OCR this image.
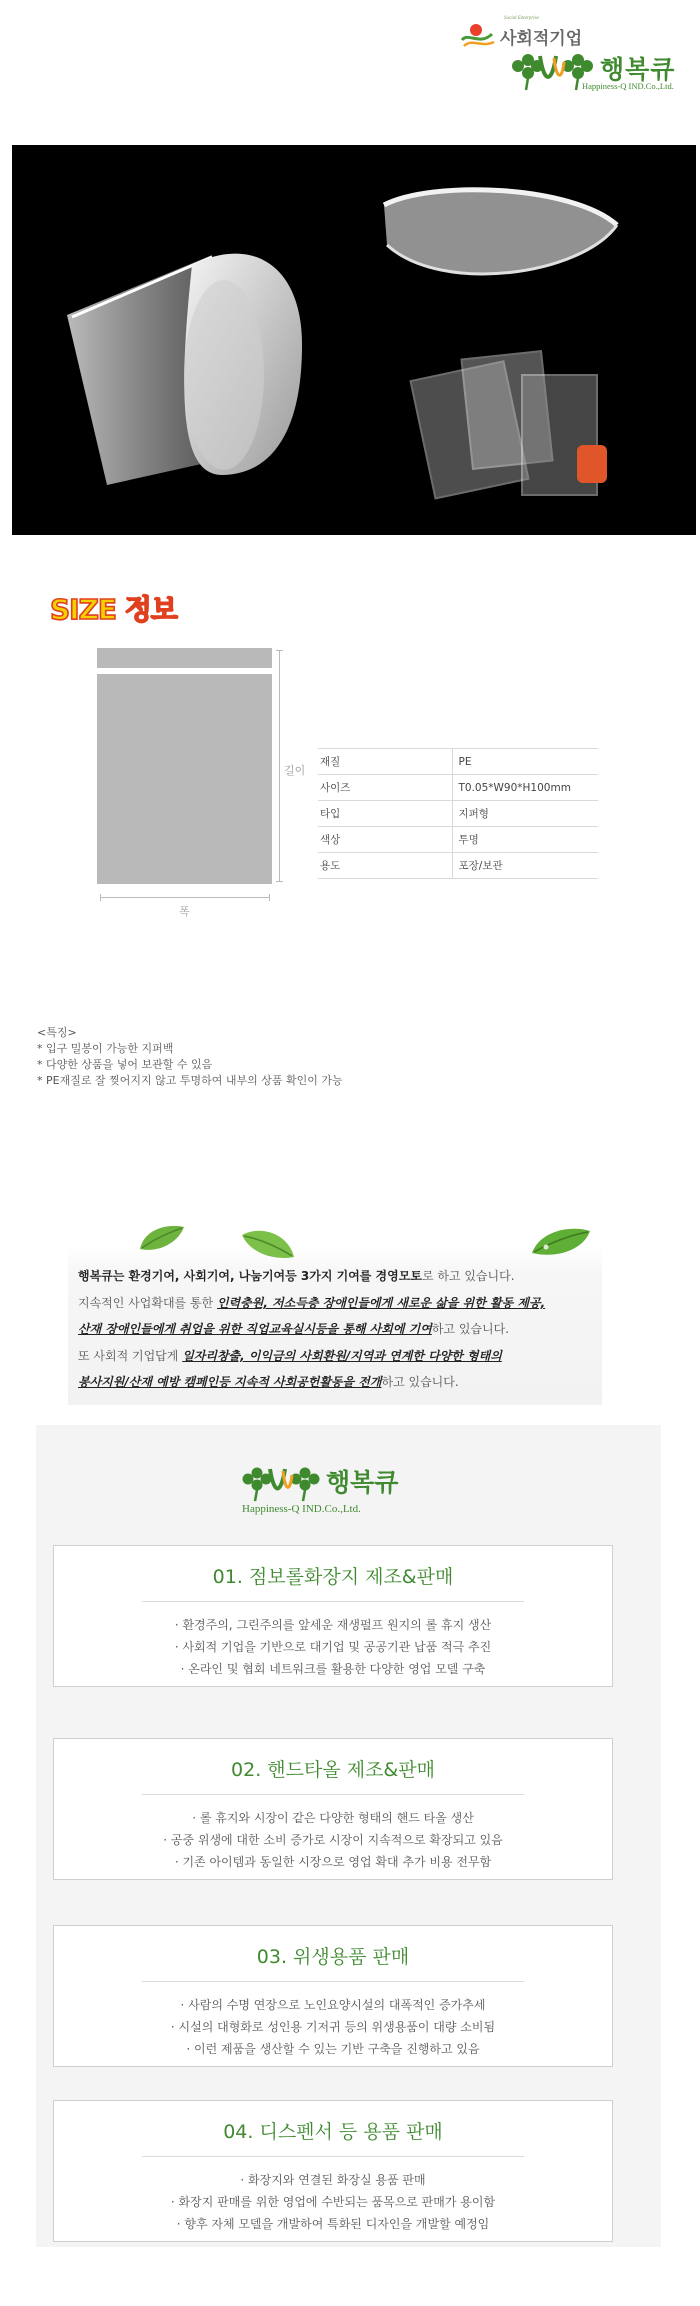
Social Enterprise
사회적기업
행복큐
Happiness-Q IND.Co.,Ltd.
SIZE 정보
길이
폭
재질	PE
사이즈	T0.05*W90*H100mm
타입	지퍼형
색상	투명
용도	포장/보관
<특징>
* 입구 밀봉이 가능한 지퍼백
* 다양한 상품을 넣어 보관할 수 있음
* PE재질로 잘 찢어지지 않고 투명하여 내부의 상품 확인이 가능

행복큐는 환경기여, 사회기여, 나눔기여등 3가지 기여를 경영모토로 하고 있습니다.

지속적인 사업확대를 통한 인력충원, 저소득층 장애인들에게 새로운 삶을 위한 활동 제공,

산재 장애인들에게 취업을 위한 직업교육실시등을 통해 사회에 기여하고 있습니다.

또 사회적 기업답게 일자리창출, 이익금의 사회환원/지역과 연계한 다양한 형태의

봉사지원/산재 예방 캠페인등 지속적 사회공헌활동을 전개하고 있습니다.

행복큐
Happiness-Q IND.Co.,Ltd.
01. 점보롤화장지 제조&판매
· 환경주의, 그린주의를 앞세운 재생펄프 원지의 롤 휴지 생산
· 사회적 기업을 기반으로 대기업 및 공공기관 납품 적극 추진
· 온라인 및 협회 네트워크를 활용한 다양한 영업 모델 구축
02. 핸드타올 제조&판매
· 롤 휴지와 시장이 같은 다양한 형태의 핸드 타올 생산
· 공중 위생에 대한 소비 증가로 시장이 지속적으로 확장되고 있음
· 기존 아이템과 동일한 시장으로 영업 확대 추가 비용 전무함
03. 위생용품 판매
· 사람의 수명 연장으로 노인요양시설의 대폭적인 증가추세
· 시설의 대형화로 성인용 기저귀 등의 위생용품이 대량 소비됨
· 이런 제품을 생산할 수 있는 기반 구축을 진행하고 있음
04. 디스펜서 등 용품 판매
· 화장지와 연결된 화장실 용품 판매
· 화장지 판매를 위한 영업에 수반되는 품목으로 판매가 용이함
· 향후 자체 모델을 개발하여 특화된 디자인을 개발할 예정임
